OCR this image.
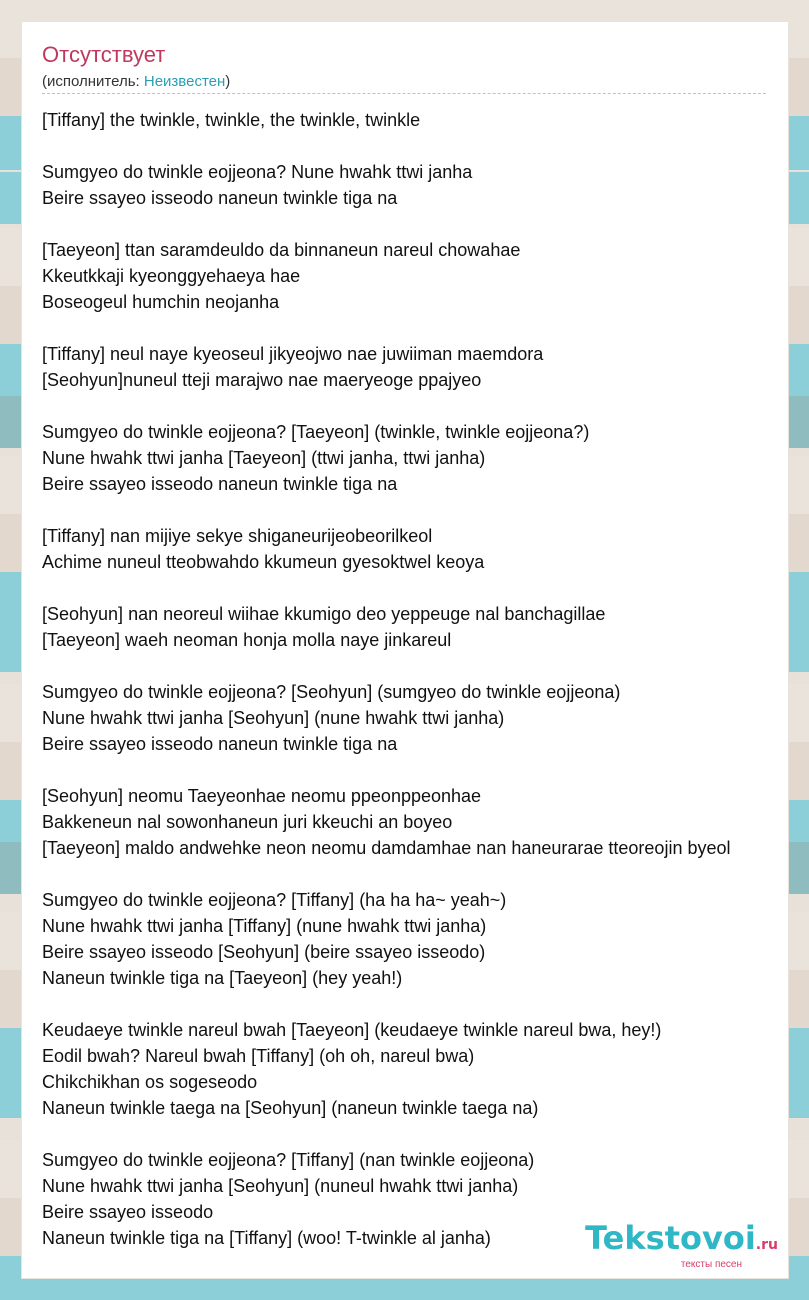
Отсутствует
(исполнитель: Неизвестен)
[Tiffany] the twinkle, twinkle, the twinkle, twinkle
Sumgyeo do twinkle eojjeona? Nune hwahk ttwi janha
Beire ssayeo isseodo naneun twinkle tiga na
[Taeyeon] ttan saramdeuldo da binnaneun nareul chowahae
Kkeutkkaji kyeonggyehaeya hae
Boseogeul humchin neojanha
[Tiffany] neul naye kyeoseul jikyeojwo nae juwiiman maemdora
[Seohyun]nuneul tteji marajwo nae maeryeoge ppajyeo
Sumgyeo do twinkle eojjeona? [Taeyeon] (twinkle, twinkle eojjeona?)
Nune hwahk ttwi janha [Taeyeon] (ttwi janha, ttwi janha)
Beire ssayeo isseodo naneun twinkle tiga na
[Tiffany] nan mijiye sekye shiganeurijeobeorilkeol
Achime nuneul tteobwahdo kkumeun gyesoktwel keoya
[Seohyun] nan neoreul wiihae kkumigo deo yeppeuge nal banchagillae
[Taeyeon] waeh neoman honja molla naye jinkareul
Sumgyeo do twinkle eojjeona? [Seohyun] (sumgyeo do twinkle eojjeona)
Nune hwahk ttwi janha [Seohyun] (nune hwahk ttwi janha)
Beire ssayeo isseodo naneun twinkle tiga na
[Seohyun] neomu Taeyeonhae neomu ppeonppeonhae
Bakkeneun nal sowonhaneun juri kkeuchi an boyeo
[Taeyeon] maldo andwehke neon neomu damdamhae nan haneurarae tteoreojin byeol
Sumgyeo do twinkle eojjeona? [Tiffany] (ha ha ha~ yeah~)
Nune hwahk ttwi janha [Tiffany] (nune hwahk ttwi janha)
Beire ssayeo isseodo [Seohyun] (beire ssayeo isseodo)
Naneun twinkle tiga na [Taeyeon] (hey yeah!)
Keudaeye twinkle nareul bwah [Taeyeon] (keudaeye twinkle nareul bwa, hey!)
Eodil bwah? Nareul bwah [Tiffany] (oh oh, nareul bwa)
Chikchikhan os sogeseodo
Naneun twinkle taega na [Seohyun] (naneun twinkle taega na)
Sumgyeo do twinkle eojjeona? [Tiffany] (nan twinkle eojjeona)
Nune hwahk ttwi janha [Seohyun] (nuneul hwahk ttwi janha)
Beire ssayeo isseodo
Naneun twinkle tiga na [Tiffany] (woo! T-twinkle al janha)	Tekstovoi.ru
тексты песен
